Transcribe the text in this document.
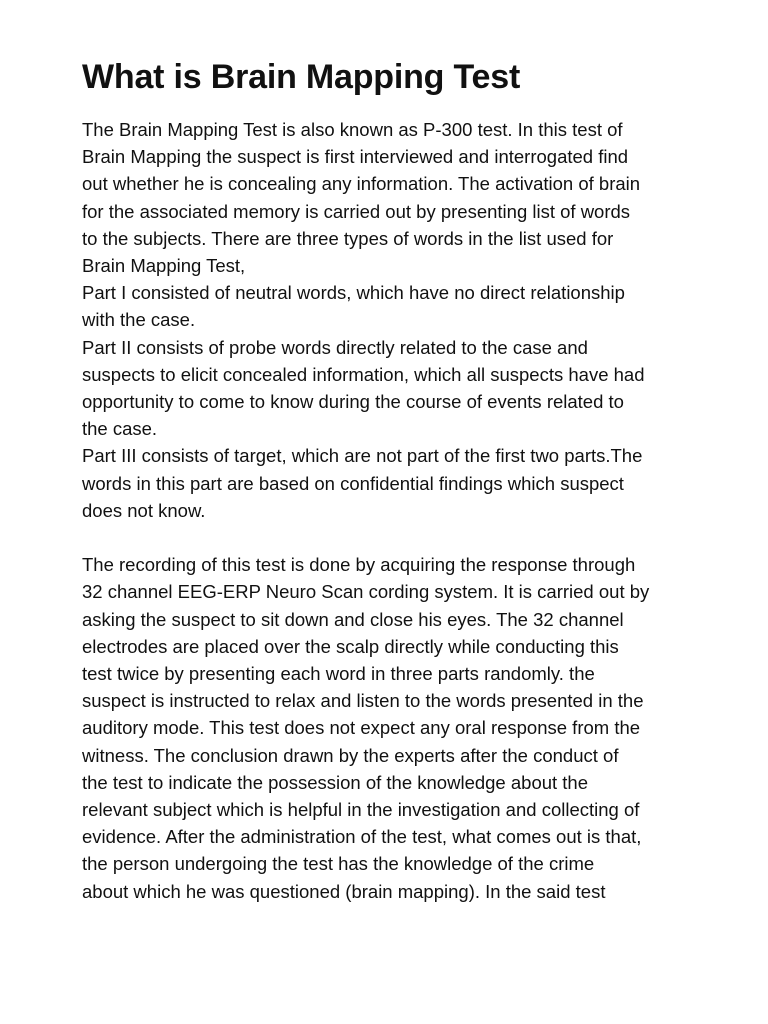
What is Brain Mapping Test
The Brain Mapping Test is also known as P-300 test. In this test of
Brain Mapping the suspect is first interviewed and interrogated find
out whether he is concealing any information. The activation of brain
for the associated memory is carried out by presenting list of words
to the subjects. There are three types of words in the list used for
Brain Mapping Test,
Part I consisted of neutral words, which have no direct relationship
with the case.
Part II consists of probe words directly related to the case and
suspects to elicit concealed information, which all suspects have had
opportunity to come to know during the course of events related to
the case.
Part III consists of target, which are not part of the first two parts.The
words in this part are based on confidential findings which suspect
does not know.
The recording of this test is done by acquiring the response through
32 channel EEG-ERP Neuro Scan cording system. It is carried out by
asking the suspect to sit down and close his eyes. The 32 channel
electrodes are placed over the scalp directly while conducting this
test twice by presenting each word in three parts randomly. the
suspect is instructed to relax and listen to the words presented in the
auditory mode. This test does not expect any oral response from the
witness. The conclusion drawn by the experts after the conduct of
the test to indicate the possession of the knowledge about the
relevant subject which is helpful in the investigation and collecting of
evidence. After the administration of the test, what comes out is that,
the person undergoing the test has the knowledge of the crime
about which he was questioned (brain mapping). In the said test
